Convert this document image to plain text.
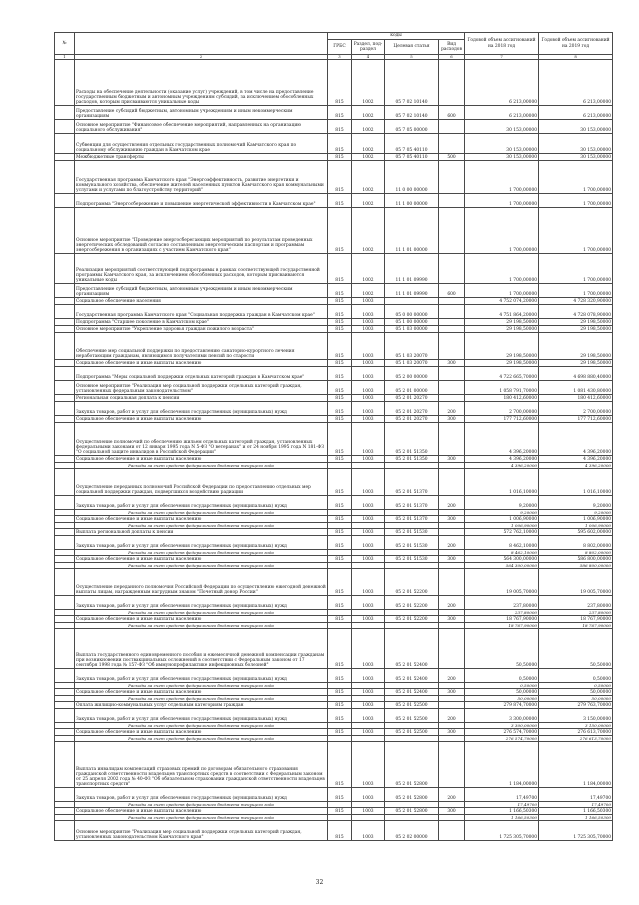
№		коды				Годовой объем ассигнований на 2018 год	Годовой объем ассигнований на 2019 год
		ГРБС	Раздел, под-раздел	Целевая статья	Вид расходов		
1	2	3	4	5	6	7	8
	Расходы на обеспечение деятельности (оказание услуг) учреждений, в том числе на предоставление государственным бюджетным и автономным учреждениям субсидий, за исключением обособленных расходов, которым присваиваются уникальные коды	815	1002	05 7 02 10140		6 213,00000	6 213,00000
	Предоставление субсидий бюджетным, автономным учреждениям и иным некоммерческим организациям	815	1002	05 7 02 10140	600	6 213,00000	6 213,00000
	Основное мероприятие "Финансовое обеспечение мероприятий, направленных на организацию социального обслуживания"	815	1002	05 7 05 00000		30 153,00000	30 153,00000
	Субвенции для осуществления отдельных государственных полномочий Камчатского края по социальному обслуживанию граждан в Камчатском крае	815	1002	05 7 05 40110		30 153,00000	30 153,00000
	Межбюджетные трансферты	815	1002	05 7 05 40110	500	30 153,00000	30 153,00000
	Государственная программа Камчатского края "Энергоэффективность, развитие энергетики и коммунального хозяйства, обеспечение жителей населенных пунктов Камчатского края коммунальными услугами и услугами по благоустройству территорий"	815	1002	11 0 00 00000		1 700,00000	1 700,00000
	Подпрограмма "Энергосбережение и повышение энергетической эффективности в Камчатском крае"	815	1002	11 1 00 00000		1 700,00000	1 700,00000
	Основное мероприятие "Проведение энергосберегающих мероприятий по результатам проведенных энергетических обследований согласно составленным энергетическим паспортам и программам энергосбережения в организациях с участием Камчатского края"	815	1002	11 1 01 00000		1 700,00000	1 700,00000
	Реализация мероприятий соответствующей подпрограммы в рамках соответствующей государственной программы Камчатского края, за исключением обособленных расходов, которым присваиваются уникальные коды	815	1002	11 1 01 09990		1 700,00000	1 700,00000
	Предоставление субсидий бюджетным, автономным учреждениям и иным некоммерческим организациям	815	1002	11 1 01 09990	600	1 700,00000	1 700,00000
	Социальное обеспечение населения	815	1003			4 752 074,20000	4 728 320,90000
	Государственная программа Камчатского края "Социальная поддержка граждан в Камчатском крае"	815	1003	05 0 00 00000		4 751 864,20000	4 728 078,90000
	Подпрограмма "Старшее поколение в Камчатском крае"	815	1003	05 1 00 00000		29 198,50000	29 198,50000
	Основное мероприятие "Укрепление здоровья граждан пожилого возраста"	815	1003	05 1 03 00000		29 198,50000	29 198,50000
	Обеспечение мер социальной поддержки по предоставлению санаторно-курортного лечения неработающим гражданам, являющимся получателями пенсий по старости	815	1003	05 1 03 20070		29 198,50000	29 198,50000
	Социальное обеспечение и иные выплаты населению	815	1003	05 1 03 20070	300	29 198,50000	29 198,50000
	Подпрограмма "Меры социальной поддержки отдельных категорий граждан в Камчатском крае"	815	1003	05 2 00 00000		4 722 665,70000	4 698 880,40000
	Основное мероприятие "Реализация мер социальной поддержки отдельных категорий граждан, установленных федеральным законодательством"	815	1003	05 2 01 00000		1 058 791,70000	1 081 430,80000
	Региональная социальная доплата к пенсии	815	1003	05 2 01 20270		180 412,60000	180 412,60000
	Закупка товаров, работ и услуг для обеспечения государственных (муниципальных) нужд	815	1003	05 2 01 20270	200	2 700,00000	2 700,00000
	Социальное обеспечение и иные выплаты населению	815	1003	05 2 01 20270	300	177 712,60000	177 712,60000
	Осуществление полномочий по обеспечению жильем отдельных категорий граждан, установленных федеральными законами от 12 января 1995 года N 5-ФЗ "О ветеранах" и от 24 ноября 1995 года N 181-ФЗ "О социальной защите инвалидов в Российской Федерации"	815	1003	05 2 01 51350		4 396,20000	4 396,20000
	Социальное обеспечение и иные выплаты населению	815	1003	05 2 01 51350	300	4 396,20000	4 396,20000
	Расходы за счет средств федерального бюджета текущего года					4 396,20000	4 396,20000
	Осуществление переданных полномочий Российской Федерации по предоставлению отдельных мер социальной поддержки граждан, подвергшихся воздействию радиации	815	1003	05 2 01 51370		1 016,10000	1 016,10000
	Закупка товаров, работ и услуг для обеспечения государственных (муниципальных) нужд	815	1003	05 2 01 51370	200	9,20000	9,20000
	Расходы за счет средств федерального бюджета текущего года					9,20000	9,20000
	Социальное обеспечение и иные выплаты населению	815	1003	05 2 01 51370	300	1 006,90000	1 006,90000
	Расходы за счет средств федерального бюджета текущего года					1 006,90000	1 006,90000
	Выплата региональной доплаты к пенсии	815	1003	05 2 01 51530		572 762,10000	595 602,00000
	Закупка товаров, работ и услуг для обеспечения государственных (муниципальных) нужд	815	1003	05 2 01 51530	200	8 462,10000	8 802,00000
	Расходы за счет средств федерального бюджета текущего года					8 462,10000	8 802,00000
	Социальное обеспечение и иные выплаты населению	815	1003	05 2 01 51530	300	564 300,00000	586 800,00000
	Расходы за счет средств федерального бюджета текущего года					564 300,00000	586 800,00000
	Осуществление переданного полномочия Российской Федерации по осуществлению ежегодной денежной выплаты лицам, награжденным нагрудным знаком "Почетный донор России"	815	1003	05 2 01 52200		19 005,70000	19 005,70000
	Закупка товаров, работ и услуг для обеспечения государственных (муниципальных) нужд	815	1003	05 2 01 52200	200	237,80000	237,80000
	Расходы за счет средств федерального бюджета текущего года					237,80000	237,80000
	Социальное обеспечение и иные выплаты населению	815	1003	05 2 01 52200	300	18 767,90000	18 767,90000
	Расходы за счет средств федерального бюджета текущего года					18 767,90000	18 767,90000
	Выплата государственного единовременного пособия и ежемесячной денежной компенсации гражданам при возникновении поствакцинальных осложнений в соответствии с Федеральным законом от 17 сентября 1998 года № 157-ФЗ "Об иммунопрофилактике инфекционных болезней"	815	1003	05 2 01 52400		50,50000	50,50000
	Закупка товаров, работ и услуг для обеспечения государственных (муниципальных) нужд	815	1003	05 2 01 52400	200	0,50000	0,50000
	Расходы за счет средств федерального бюджета текущего года					0,50000	0,50000
	Социальное обеспечение и иные выплаты населению	815	1003	05 2 01 52400	300	50,00000	50,00000
	Расходы за счет средств федерального бюджета текущего года					50,00000	50,00000
	Оплата жилищно-коммунальных услуг отдельным категориям граждан	815	1003	05 2 01 52500		279 874,70000	279 763,70000
	Закупка товаров, работ и услуг для обеспечения государственных (муниципальных) нужд	815	1003	05 2 01 52500	200	3 300,00000	3 150,00000
	Расходы за счет средств федерального бюджета текущего года					3 300,00000	3 150,00000
	Социальное обеспечение и иные выплаты населению	815	1003	05 2 01 52500	300	276 574,70000	276 613,70000
	Расходы за счет средств федерального бюджета текущего года					276 574,70000	276 613,70000
	Выплата инвалидам компенсаций страховых премий по договорам обязательного страхования гражданской ответственности владельцев транспортных средств в соответствии с Федеральным законом от 25 апреля 2002 года № 40-ФЗ "Об обязательном страховании гражданской ответственности владельцев транспортных средств"	815	1003	05 2 01 52800		1 184,00000	1 184,00000
	Закупка товаров, работ и услуг для обеспечения государственных (муниципальных) нужд	815	1003	05 2 01 52800	200	17,49700	17,49700
	Расходы за счет средств федерального бюджета текущего года					17,49700	17,49700
	Социальное обеспечение и иные выплаты населению	815	1003	05 2 01 52800	300	1 166,50300	1 166,50300
	Расходы за счет средств федерального бюджета текущего года					1 166,50300	1 166,50300
	Основное мероприятие "Реализация мер социальной поддержки отдельных категорий граждан, установленных законодательством Камчатского края"	815	1003	05 2 02 00000		1 725 305,70000	1 725 305,70000
32
